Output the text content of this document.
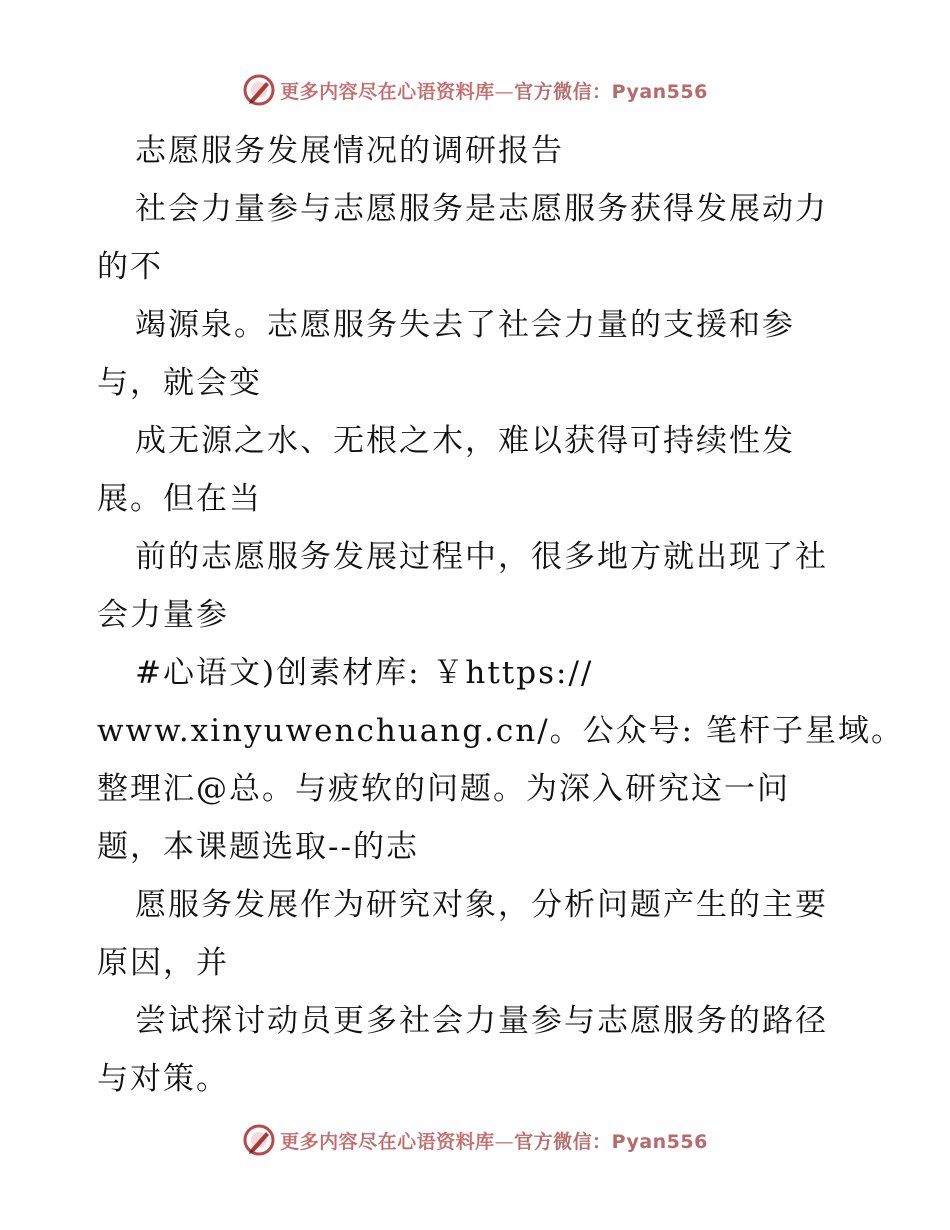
更多内容尽在心语资料库—官方微信：Pyan556
志愿服务发展情况的调研报告
社会力量参与志愿服务是志愿服务获得发展动力
的不
竭源泉。志愿服务失去了社会力量的支援和参
与，就会变
成无源之水、无根之木，难以获得可持续性发
展。但在当
前的志愿服务发展过程中，很多地方就出现了社
会力量参
#心语文)创素材库: ￥https://
www.xinyuwenchuang.cn/。公众号: 笔杆子星域。
整理汇@总。与疲软的问题。为深入研究这一问
题，本课题选取--的志
愿服务发展作为研究对象，分析问题产生的主要
原因，并
尝试探讨动员更多社会力量参与志愿服务的路径
与对策。
更多内容尽在心语资料库—官方微信：Pyan556
